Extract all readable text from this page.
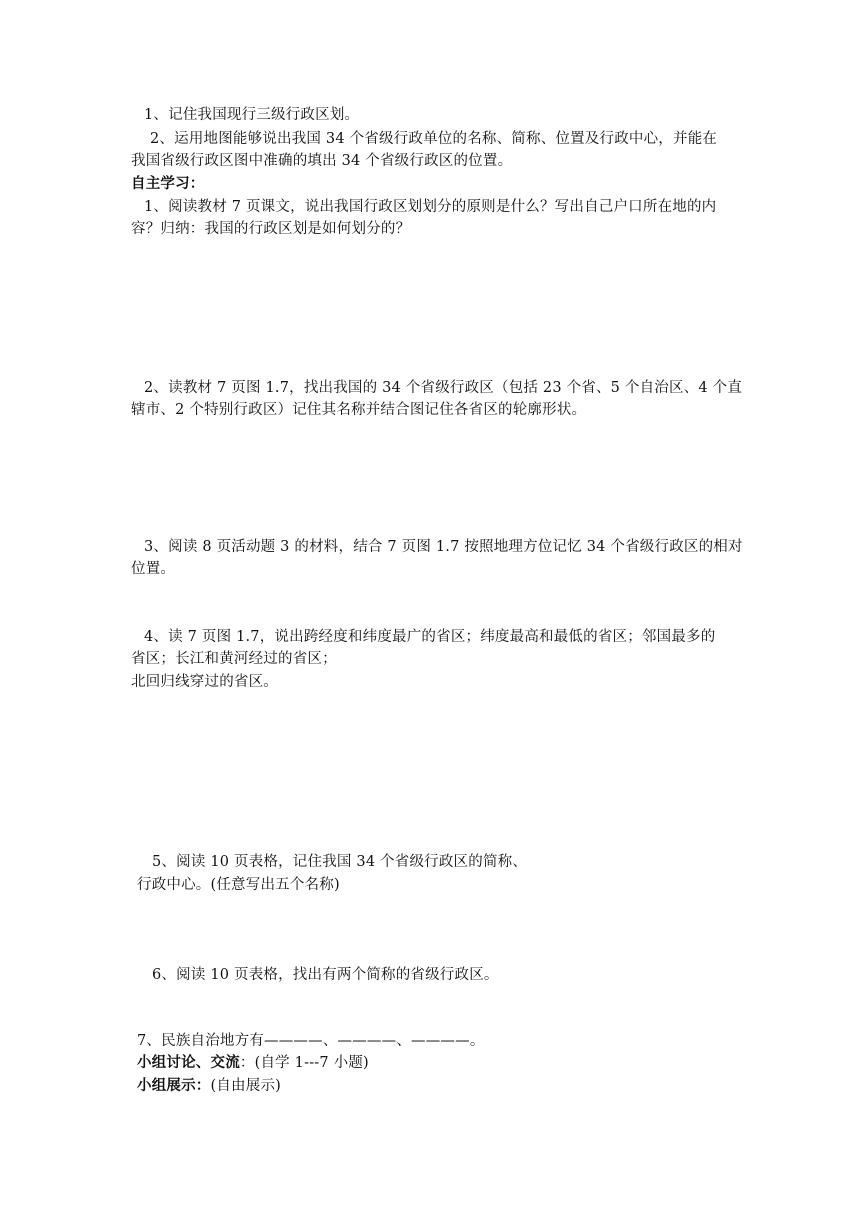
1、记住我国现行三级行政区划。
2、运用地图能够说出我国 34 个省级行政单位的名称、简称、位置及行政中心，并能在
我国省级行政区图中准确的填出 34 个省级行政区的位置。
自主学习：
1、阅读教材 7 页课文，说出我国行政区划划分的原则是什么？写出自己户口所在地的内
容？归纳：我国的行政区划是如何划分的？
2、读教材 7 页图 1.7，找出我国的 34 个省级行政区（包括 23 个省、5 个自治区、4 个直
辖市、2 个特别行政区）记住其名称并结合图记住各省区的轮廓形状。
3、阅读 8 页活动题 3 的材料，结合 7 页图 1.7 按照地理方位记忆 34 个省级行政区的相对
位置。
4、读 7 页图 1.7，说出跨经度和纬度最广的省区；纬度最高和最低的省区；邻国最多的
省区；长江和黄河经过的省区；
北回归线穿过的省区。
5、阅读 10 页表格，记住我国 34 个省级行政区的简称、
行政中心。(任意写出五个名称)
6、阅读 10 页表格，找出有两个简称的省级行政区。
7、民族自治地方有————、————、————。
小组讨论、交流：(自学 1---7 小题)
小组展示：(自由展示)
